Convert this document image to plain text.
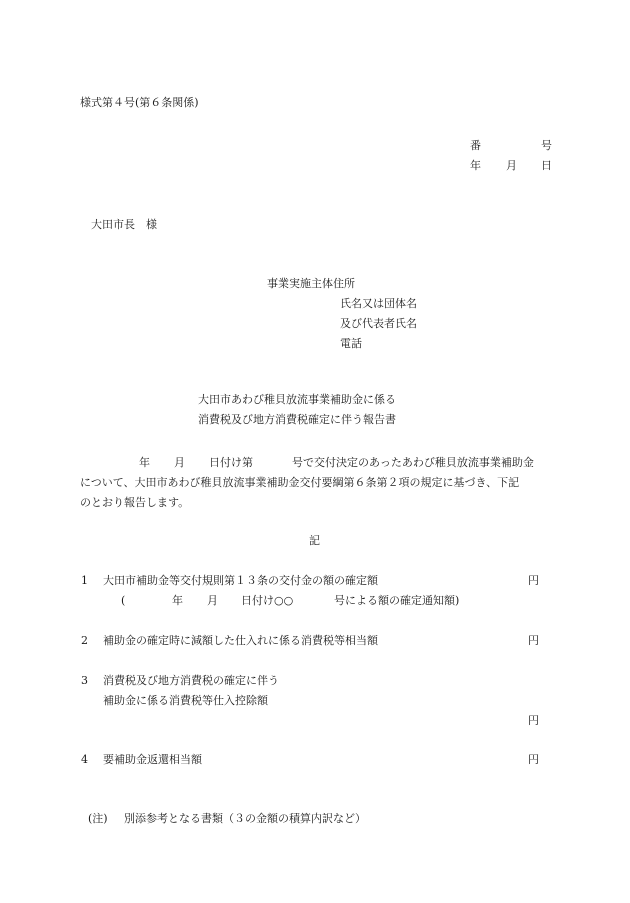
様式第４号(第６条関係)
番	号
年 月 日
大田市長　様
事業実施主体住所
氏名又は団体名
及び代表者氏名
電話
大田市あわび稚貝放流事業補助金に係る
消費税及び地方消費税確定に伴う報告書
年 月 日付け第	号で交付決定のあったあわび稚貝放流事業補助金
について、大田市あわび稚貝放流事業補助金交付要綱第６条第２項の規定に基づき、下記
のとおり報告します。
記
1 大田市補助金等交付規則第１３条の交付金の額の確定額	円
(	年 月 日付け○○	号による額の確定通知額)
2 補助金の確定時に減額した仕入れに係る消費税等相当額	円
3 消費税及び地方消費税の確定に伴う
補助金に係る消費税等仕入控除額
円
4 要補助金返還相当額	円
(注) 別添参考となる書類（３の金額の積算内訳など）
